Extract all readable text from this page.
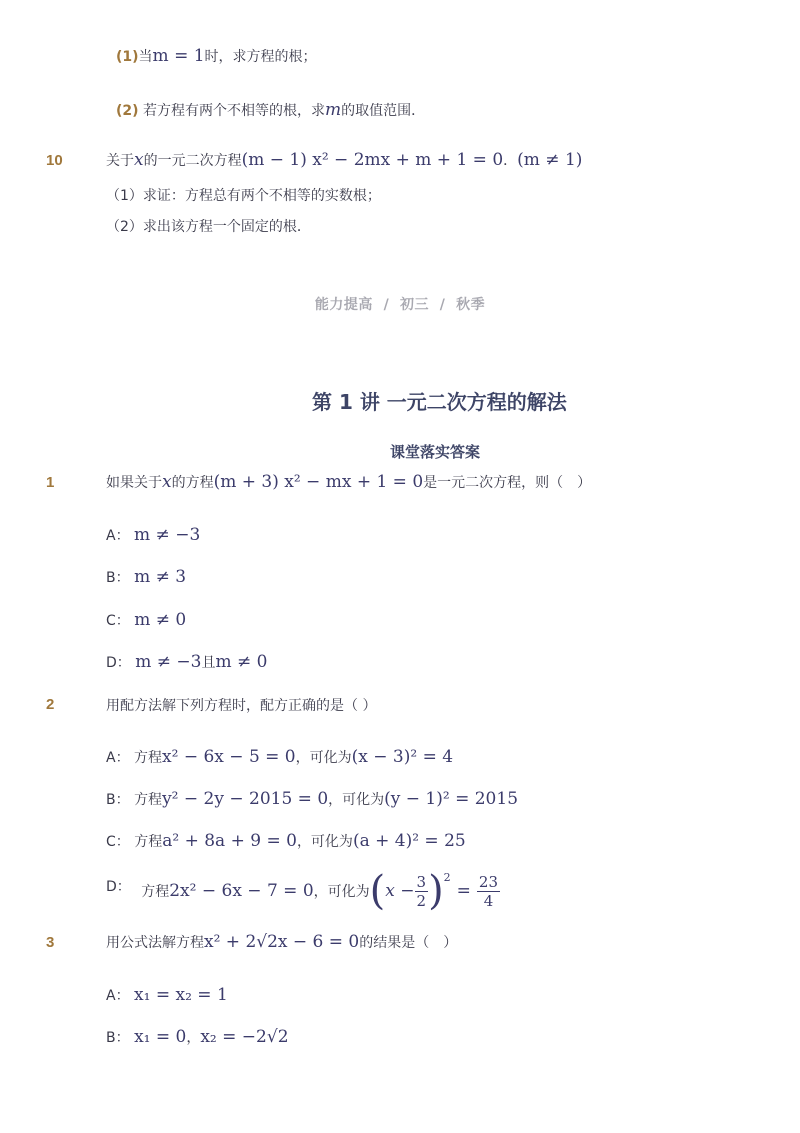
(1)当m = 1时，求方程的根；
(2) 若方程有两个不相等的根，求m的取值范围．
10	关于x的一元二次方程(m − 1) x² − 2mx + m + 1 = 0．(m ≠ 1)
（1）求证：方程总有两个不相等的实数根；
（2）求出该方程一个固定的根．
能力提高  /  初三  /  秋季
第 1 讲 一元二次方程的解法
课堂落实答案
1	如果关于x的方程(m + 3) x² − mx + 1 = 0是一元二次方程，则（　）
A： m ≠ −3
B： m ≠ 3
C： m ≠ 0
D： m ≠ −3且m ≠ 0
2	用配方法解下列方程时，配方正确的是（ ）
A： 方程x² − 6x − 5 = 0，可化为(x − 3)² = 4
B： 方程y² − 2y − 2015 = 0，可化为(y − 1)² = 2015
C： 方程a² + 8a + 9 = 0，可化为(a + 4)² = 25
D： 方程 2x² − 6x − 7 = 0 ，可化为 ( $x - \frac{3}{2} )^2$
= $\frac{23}{4}$
3	用公式法解方程x² + 2√2x − 6 = 0的结果是（　）
A： x₁ = x₂ = 1
B： x₁ = 0，x₂ = −2√2
